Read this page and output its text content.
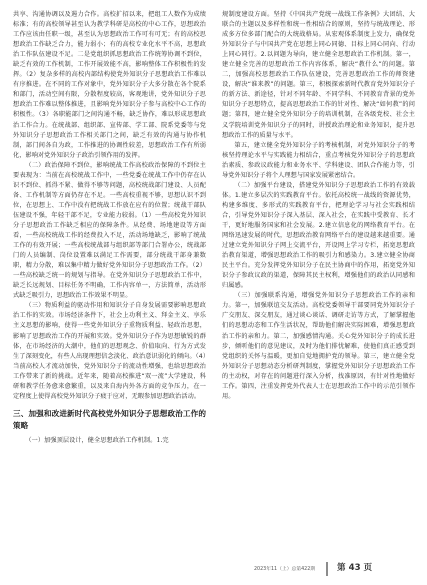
共享、沟通协调以及遏力合作。高校扩招以来，把组工人数作为成绩标准；有的高校领导甚至认为教学科研是高校的中心工作，思想政治工作应该由任职一级，甚至认为思想政治工作可有可无；有的高校思想政治工作缺乏合力，能力弱小；有的高校专业化水平不高，思想政治工作队伍建设不足。二是党组织抓思想政治工作统筹协调不到位，缺乏有效的工作机制，工作开展效能不高，影响整体工作积极性的发挥。（2）复杂多样的高校内部结构使党外知识分子思想政治工作难以有序推进。在不同的工作对象中，党外知识分子大多分散在各个院系和部门，活动空间有限，分散程度较高，客观地讲，党外知识分子思想政治工作难以整体推进，且影响党外知识分子参与高校中心工作的积极性。（3）各职能部门之间沟通不畅，缺乏协作，难以形成思想政治工作合力。在统战部、组织部、宣传部、学工部、院系党委等与党外知识分子思想政治工作相关部门之间，缺乏有效的沟通与协作机制，部门间各自为政，工作推进的协调性较差，思想政治工作有所弱化，影响对党外知识分子政治引领作用的发挥。

（二）政治保障不到位，影响统战工作高校政治保障的不到位主要表现为：当前在高校统战工作中，一些党委在统战工作中仍存在认识不到位、抓得不紧、做得不够等问题，高校统战部门建设、人员配备、工作机制等方面仍存在不足。一些高校重视不够，思想认识不到位，在思想上、工作中没有把统战工作放在应有的位置；统战干部队伍建设不强，年轻干部不足，专业能力较弱。（1）一些高校党外知识分子思想政治工作缺乏相应的保障条件。从经费、场地建设等方面看，一些高校统战工作的经费投入不足，活动场地缺乏，影响了统战工作的有效开展；一些高校统战部与组织部等部门合署办公，统战部门的人员编制、岗位设置难以满足工作需要，部分统战干部身兼数职，精力分散，难以集中精力做好党外知识分子思想政治工作。（2）一些高校缺乏统一的规划与指导。在党外知识分子思想政治工作中，缺乏长远规划、目标任务不明确，工作内容单一，方法简单，活动形式缺乏吸引力，思想政治工作效果不明显。

（三）物质利益的驱动作用和知识分子自身发展需要影响思想政治工作的实效。市场经济条件下，社会上功利主义、拜金主义、享乐主义思想的影响，使得一些党外知识分子重物质利益、轻政治思想，影响了思想政治工作的开展和实效。党外知识分子作为思想敏锐的群体，在市场经济的大潮中，他们的思想观念、价值取向、行为方式发生了深刻变化，有些人出现理想信念淡化、政治意识弱化的倾向。（4）当前高校人才流动加快，党外知识分子的流动性增强，也给思想政治工作带来了新的挑战。近年来，随着高校推进“双一流”大学建设，科研和教学任务愈来愈繁重，以及来自海内外各方面的竞争压力，在一定程度上使得高校党外知识分子疲于应对，无暇参加思想政治活动。

三、加强和改进新时代高校党外知识分子思想政治工作的策略

（一）加强顶层设计，健全思想政治工作机制。1.完

规制度建设方面。坚持《中国共产党统一战线工作条例》大团结、大联合的主题以及多样性和统一性相结合的原则，坚持与统战理论、形成多方位多部门配合的大统战格局。从宏观体系制度上发力，确保党外知识分子与中国共产党在思想上同心同德、目标上同心同向、行动上同心同行。2.以问题为导向，建立健全思想政治工作机制。第一，建立健全完善的思想政治工作内容体系，解决“教什么”的问题。第二，加强高校思想政治工作队伍建设，完善思想政治工作的师资建设，解决“谁来教”的问题。第三，积极探索新时代教育党外知识分子的新方法、新途径，针对不同年龄、不同学科、不同教育背景的党外知识分子思想特点，提高思想政治工作的针对性、解决“如何教”的问题；第四，建立健全党外知识分子的培训机制，在各级党校、社会主义学院培训党外知识分子的同时，讲授政治理论和业务知识，提升思想政治工作的质量与水平。

第五，建立健全党外知识分子的考核机制，对党外知识分子的考核坚持理论水平与实践能力相结合，重点考核党外知识分子的思想政治素质、参政议政能力和业务水平、学科建设、团队合作能力等，引导党外知识分子将个人理想与国家发展紧密结合。

（二）加强平台建设，搭建党外知识分子思想政治工作的有效载体。1.建立多层次的实践教育平台。依托高校统一战线的资源优势，构建多维度、多形式的实践教育平台，把理论学习与社会实践相结合，引导党外知识分子深入基层、深入社会，在实践中受教育、长才干，更好地服务国家和社会发展。2.建立信息化的网络教育平台。在网络迅速发展的时代，思想政治教育网络平台的建设越来越重要。通过建立党外知识分子网上交流平台，开设网上学习专栏，拓宽思想政治教育渠道，增强思想政治工作的吸引力和感染力。3.建立健全协商民主平台。充分发挥党外知识分子在民主协商中的作用，拓宽党外知识分子参政议政的渠道，保障其民主权利，增强他们的政治认同感和归属感。

（三）加强联系沟通，增强党外知识分子思想政治工作的亲和力。第一，加强联谊交友活动。高校党委领导干部要同党外知识分子广交朋友、深交朋友，通过谈心谈话、调研走访等方式，了解掌握他们的思想动态和工作生活状况，帮助他们解决实际困难，增强思想政治工作的亲和力。第二，加强感情沟通。关心党外知识分子的成长进步，倾听他们的意见建议，及时为他们排忧解难，使他们真正感受到党组织的关怀与温暖，更加自觉地拥护党的领导。第三，建立健全党外知识分子思想动态分析研判制度，掌握党外知识分子思想政治工作的主动权，对存在的问题进行深入分析，找准原因，有针对性地做好工作。第四，注重发挥党外代表人士在思想政治工作中的示范引领作用。

2023年11（上）总第422期	第 43 页
